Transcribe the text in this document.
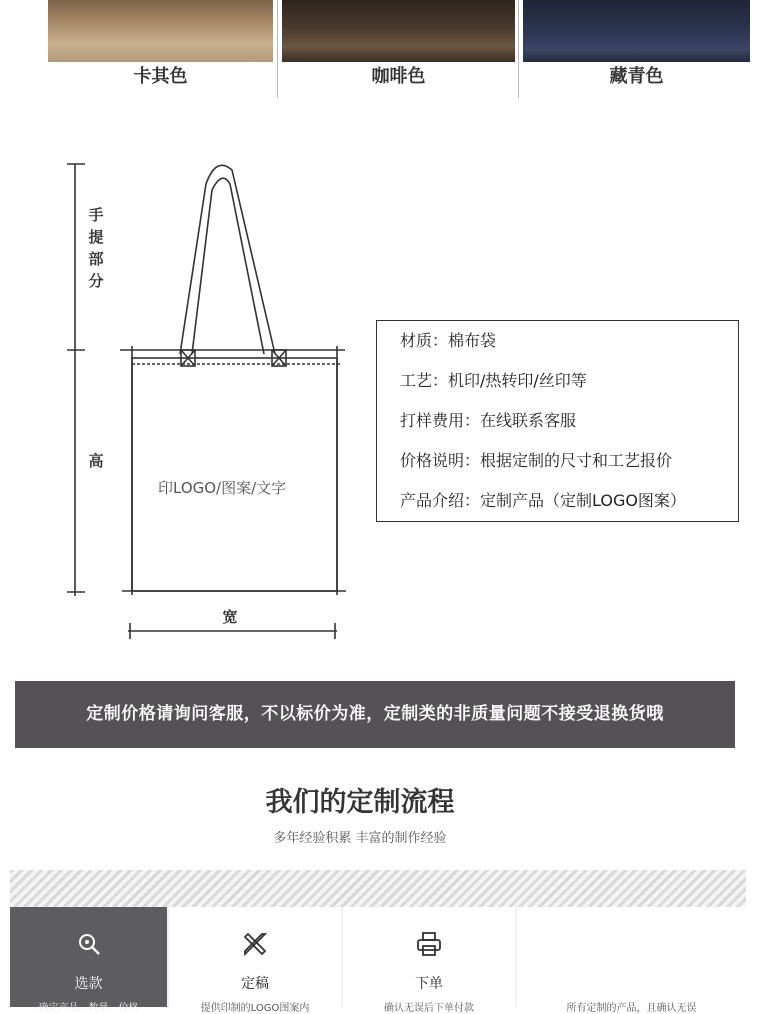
卡其色	咖啡色	藏青色
手
提
部
分
高
宽
印LOGO/图案/文字
材质：棉布袋
工艺：机印/热转印/丝印等
打样费用：在线联系客服
价格说明：根据定制的尺寸和工艺报价
产品介绍：定制产品（定制LOGO图案）
定制价格请询问客服，不以标价为准，定制类的非质量问题不接受退换货哦
我们的定制流程
多年经验积累 丰富的制作经验
选款
确定产品、数量、价格
定稿
提供印制的LOGO图案内
下单
确认无误后下单付款	所有定制的产品，且确认无误
